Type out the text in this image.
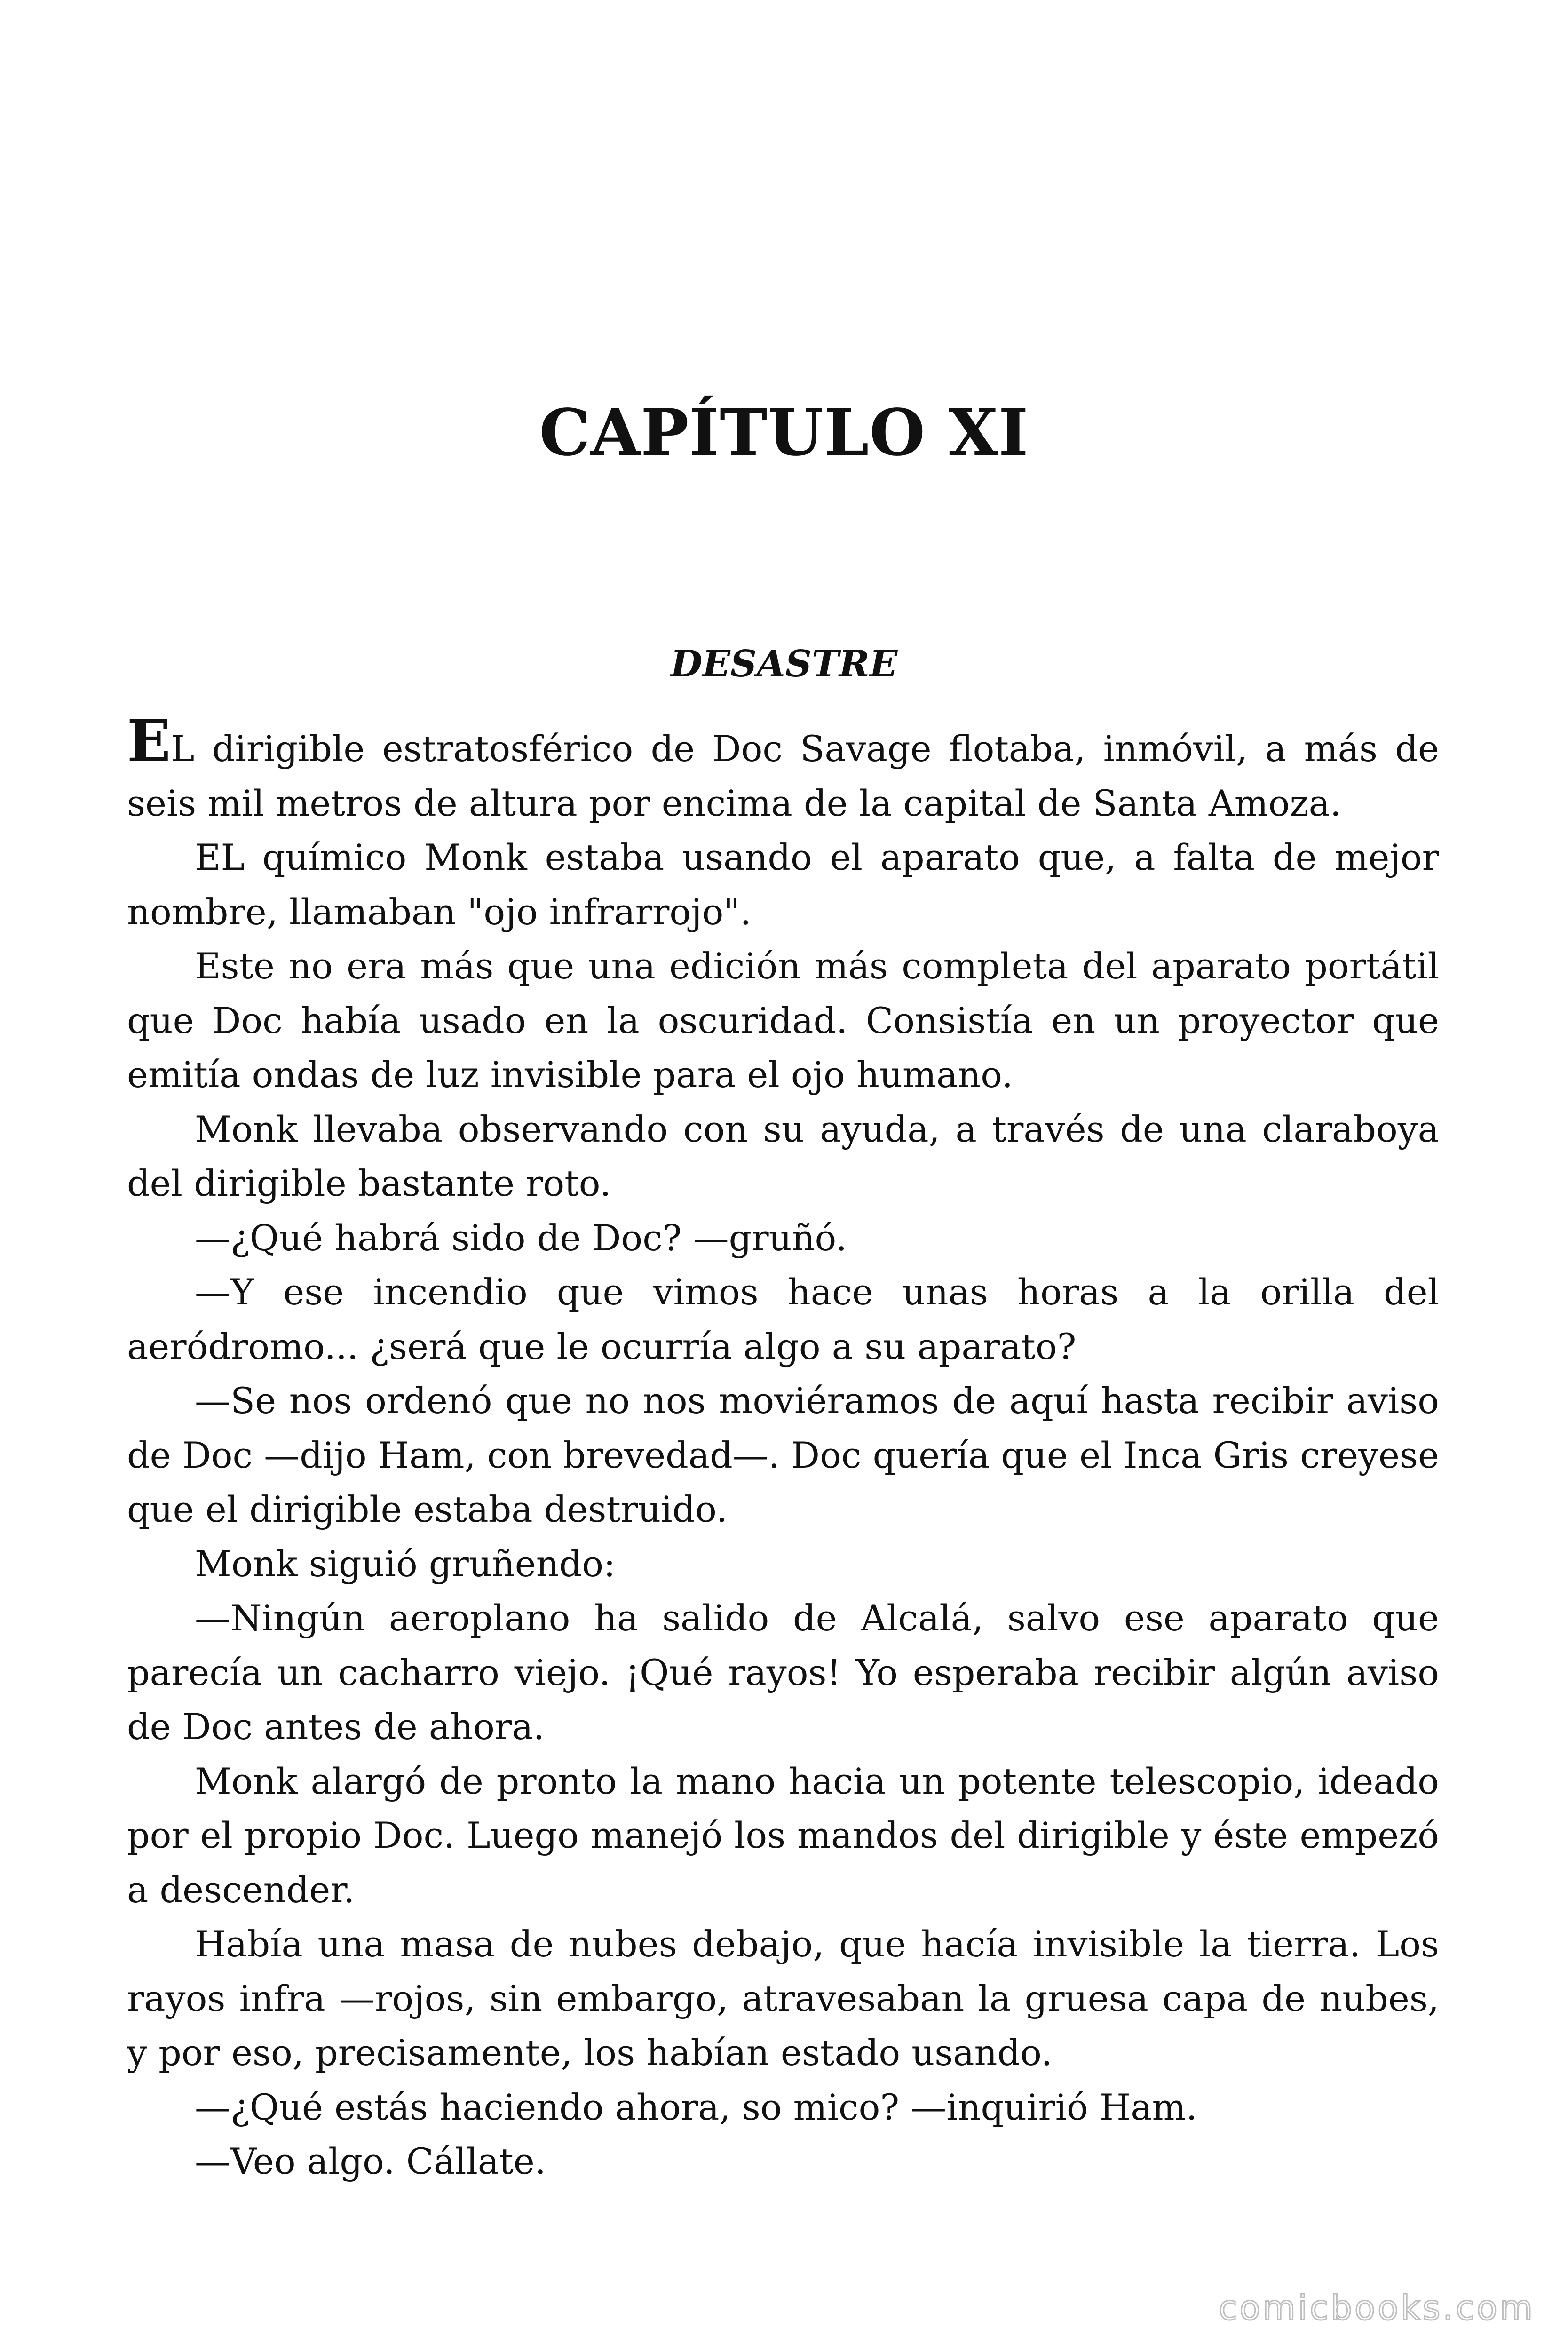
CAPÍTULO XI
DESASTRE

EL dirigible estratosférico de Doc Savage flotaba, inmóvil, a más de seis mil metros de altura por encima de la capital de Santa Amoza.

EL químico Monk estaba usando el aparato que, a falta de mejor nombre, llamaban "ojo infrarrojo".

Este no era más que una edición más completa del aparato portátil que Doc había usado en la oscuridad. Consistía en un proyector que emitía ondas de luz invisible para el ojo humano.

Monk llevaba observando con su ayuda, a través de una claraboya del dirigible bastante roto.

—¿Qué habrá sido de Doc? —gruñó.

—Y ese incendio que vimos hace unas horas a la orilla del aeródromo... ¿será que le ocurría algo a su aparato?

—Se nos ordenó que no nos moviéramos de aquí hasta recibir aviso de Doc —dijo Ham, con brevedad—. Doc quería que el Inca Gris creyese que el dirigible estaba destruido.

Monk siguió gruñendo:

—Ningún aeroplano ha salido de Alcalá, salvo ese aparato que parecía un cacharro viejo. ¡Qué rayos! Yo esperaba recibir algún aviso de Doc antes de ahora.

Monk alargó de pronto la mano hacia un potente telescopio, ideado por el propio Doc. Luego manejó los mandos del dirigible y éste empezó a descender.

Había una masa de nubes debajo, que hacía invisible la tierra. Los rayos infra —rojos, sin embargo, atravesaban la gruesa capa de nubes, y por eso, precisamente, los habían estado usando.

—¿Qué estás haciendo ahora, so mico? —inquirió Ham.

—Veo algo. Cállate.

comicbooks.com
